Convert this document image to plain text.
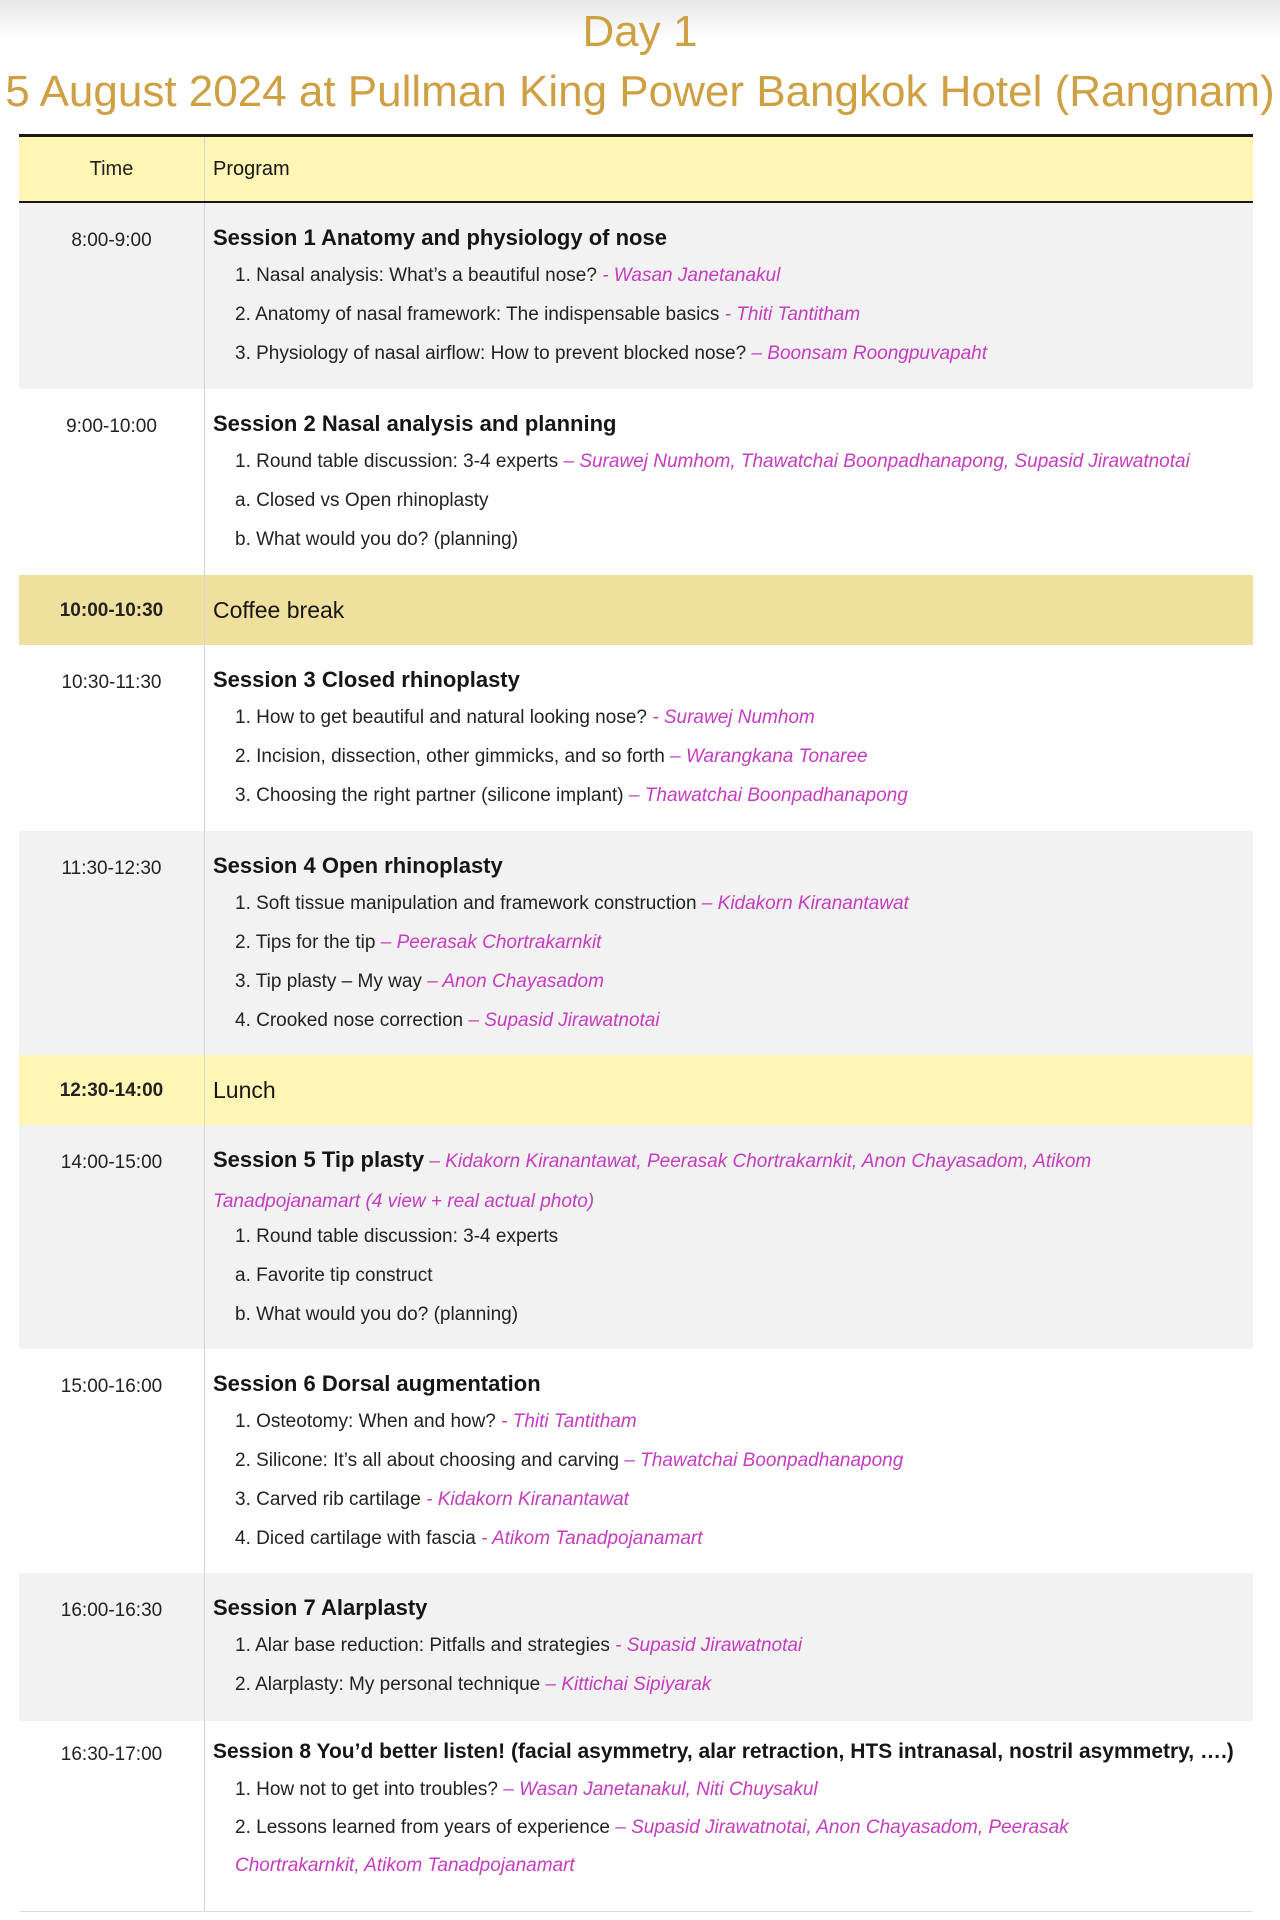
Day 1
5 August 2024 at Pullman King Power Bangkok Hotel (Rangnam)
Time	Program
8:00-9:00	Session 1 Anatomy and physiology of nose
1. Nasal analysis: What’s a beautiful nose? - Wasan Janetanakul
2. Anatomy of nasal framework: The indispensable basics - Thiti Tantitham
3. Physiology of nasal airflow: How to prevent blocked nose? – Boonsam Roongpuvapaht
9:00-10:00	Session 2 Nasal analysis and planning
1. Round table discussion: 3-4 experts – Surawej Numhom, Thawatchai Boonpadhanapong, Supasid Jirawatnotai
a. Closed vs Open rhinoplasty
b. What would you do? (planning)
10:00-10:30	Coffee break
10:30-11:30	Session 3 Closed rhinoplasty
1. How to get beautiful and natural looking nose? - Surawej Numhom
2. Incision, dissection, other gimmicks, and so forth – Warangkana Tonaree
3. Choosing the right partner (silicone implant) – Thawatchai Boonpadhanapong
11:30-12:30	Session 4 Open rhinoplasty
1. Soft tissue manipulation and framework construction – Kidakorn Kiranantawat
2. Tips for the tip – Peerasak Chortrakarnkit
3. Tip plasty – My way – Anon Chayasadom
4. Crooked nose correction – Supasid Jirawatnotai
12:30-14:00	Lunch
14:00-15:00	Session 5 Tip plasty – Kidakorn Kiranantawat, Peerasak Chortrakarnkit, Anon Chayasadom, Atikom Tanadpojanamart (4 view + real actual photo)
1. Round table discussion: 3-4 experts
a. Favorite tip construct
b. What would you do? (planning)
15:00-16:00	Session 6 Dorsal augmentation
1. Osteotomy: When and how? - Thiti Tantitham
2. Silicone: It’s all about choosing and carving – Thawatchai Boonpadhanapong
3. Carved rib cartilage - Kidakorn Kiranantawat
4. Diced cartilage with fascia - Atikom Tanadpojanamart
16:00-16:30	Session 7 Alarplasty
1. Alar base reduction: Pitfalls and strategies - Supasid Jirawatnotai
2. Alarplasty: My personal technique – Kittichai Sipiyarak
16:30-17:00	Session 8 You’d better listen! (facial asymmetry, alar retraction, HTS intranasal, nostril asymmetry, ….)
1. How not to get into troubles? – Wasan Janetanakul, Niti Chuysakul
2. Lessons learned from years of experience – Supasid Jirawatnotai, Anon Chayasadom, Peerasak Chortrakarnkit, Atikom Tanadpojanamart
